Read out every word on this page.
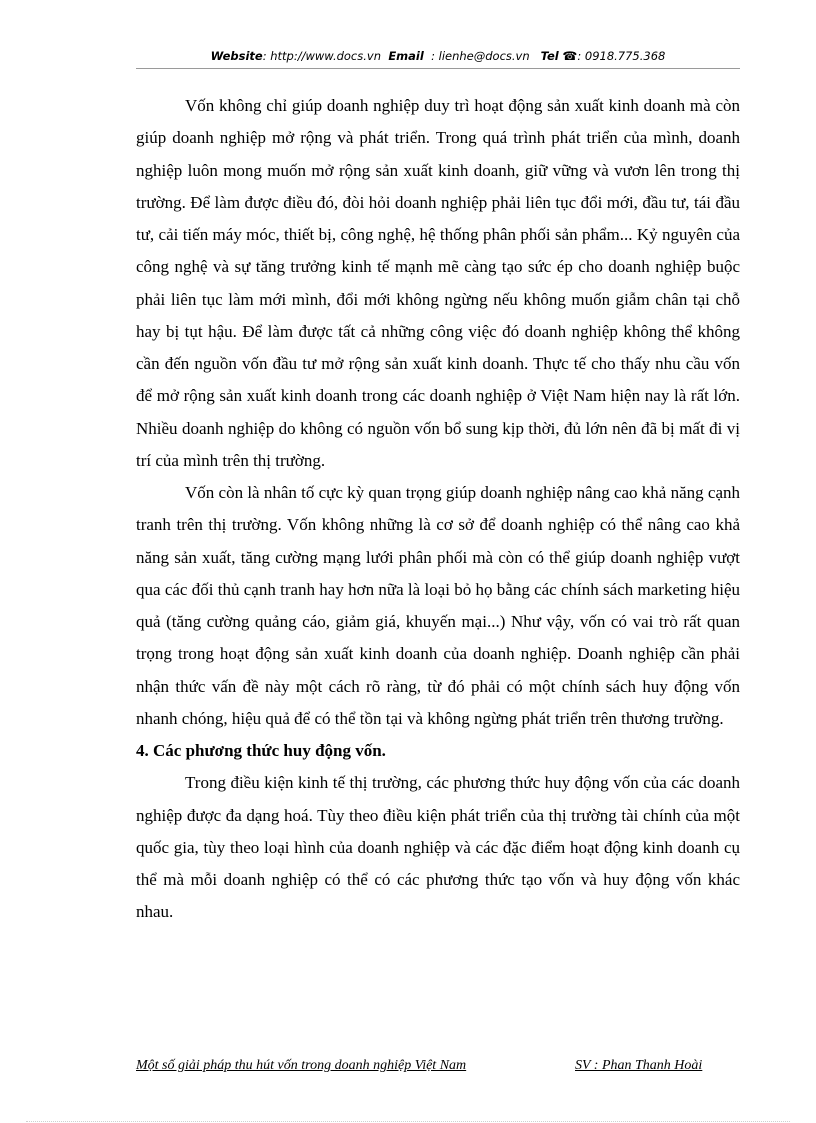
Website: http://www.docs.vn Email  : lienhe@docs.vn Tel ☎: 0918.775.368

Vốn không chỉ giúp doanh nghiệp duy trì hoạt động sản xuất kinh doanh mà còn giúp doanh nghiệp mở rộng và phát triển. Trong quá trình phát triển của mình, doanh nghiệp luôn mong muốn mở rộng sản xuất kinh doanh, giữ vững và vươn lên trong thị trường. Để làm được điều đó, đòi hỏi doanh nghiệp phải liên tục đổi mới, đầu tư, tái đầu tư, cải tiến máy móc, thiết bị, công nghệ, hệ thống phân phối sản phẩm... Kỷ nguyên của công nghệ và sự tăng trưởng kinh tế mạnh mẽ càng tạo sức ép cho doanh nghiệp buộc phải liên tục làm mới mình, đổi mới không ngừng nếu không muốn giẫm chân tại chỗ hay bị tụt hậu. Để làm được tất cả những công việc đó doanh nghiệp không thể không cần đến nguồn vốn đầu tư mở rộng sản xuất kinh doanh. Thực tế cho thấy nhu cầu vốn để mở rộng sản xuất kinh doanh trong các doanh nghiệp ở Việt Nam hiện nay là rất lớn. Nhiều doanh nghiệp do không có nguồn vốn bổ sung kịp thời, đủ lớn nên đã bị mất đi vị trí của mình trên thị trường.

Vốn còn là nhân tố cực kỳ quan trọng giúp doanh nghiệp nâng cao khả năng cạnh tranh trên thị trường. Vốn không những là cơ sở để doanh nghiệp có thể nâng cao khả năng sản xuất, tăng cường mạng lưới phân phối mà còn có thể giúp doanh nghiệp vượt qua các đối thủ cạnh tranh hay hơn nữa là loại bỏ họ bằng các chính sách marketing hiệu quả (tăng cường quảng cáo, giảm giá, khuyến mại...) Như vậy, vốn có vai trò rất quan trọng trong hoạt động sản xuất kinh doanh của doanh nghiệp. Doanh nghiệp cần phải nhận thức vấn đề này một cách rõ ràng, từ đó phải có một chính sách huy động vốn nhanh chóng, hiệu quả để có thể tồn tại và không ngừng phát triển trên thương trường.

4. Các phương thức huy động vốn.

Trong điều kiện kinh tế thị trường, các phương thức huy động vốn của các doanh nghiệp được đa dạng hoá. Tùy theo điều kiện phát triển của thị trường tài chính của một quốc gia, tùy theo loại hình của doanh nghiệp và các đặc điểm hoạt động kinh doanh cụ thể mà mỗi doanh nghiệp có thể có các phương thức tạo vốn và huy động vốn khác nhau.

Một số giải pháp thu hút vốn trong doanh nghiệp Việt Nam	SV : Phan Thanh Hoài
